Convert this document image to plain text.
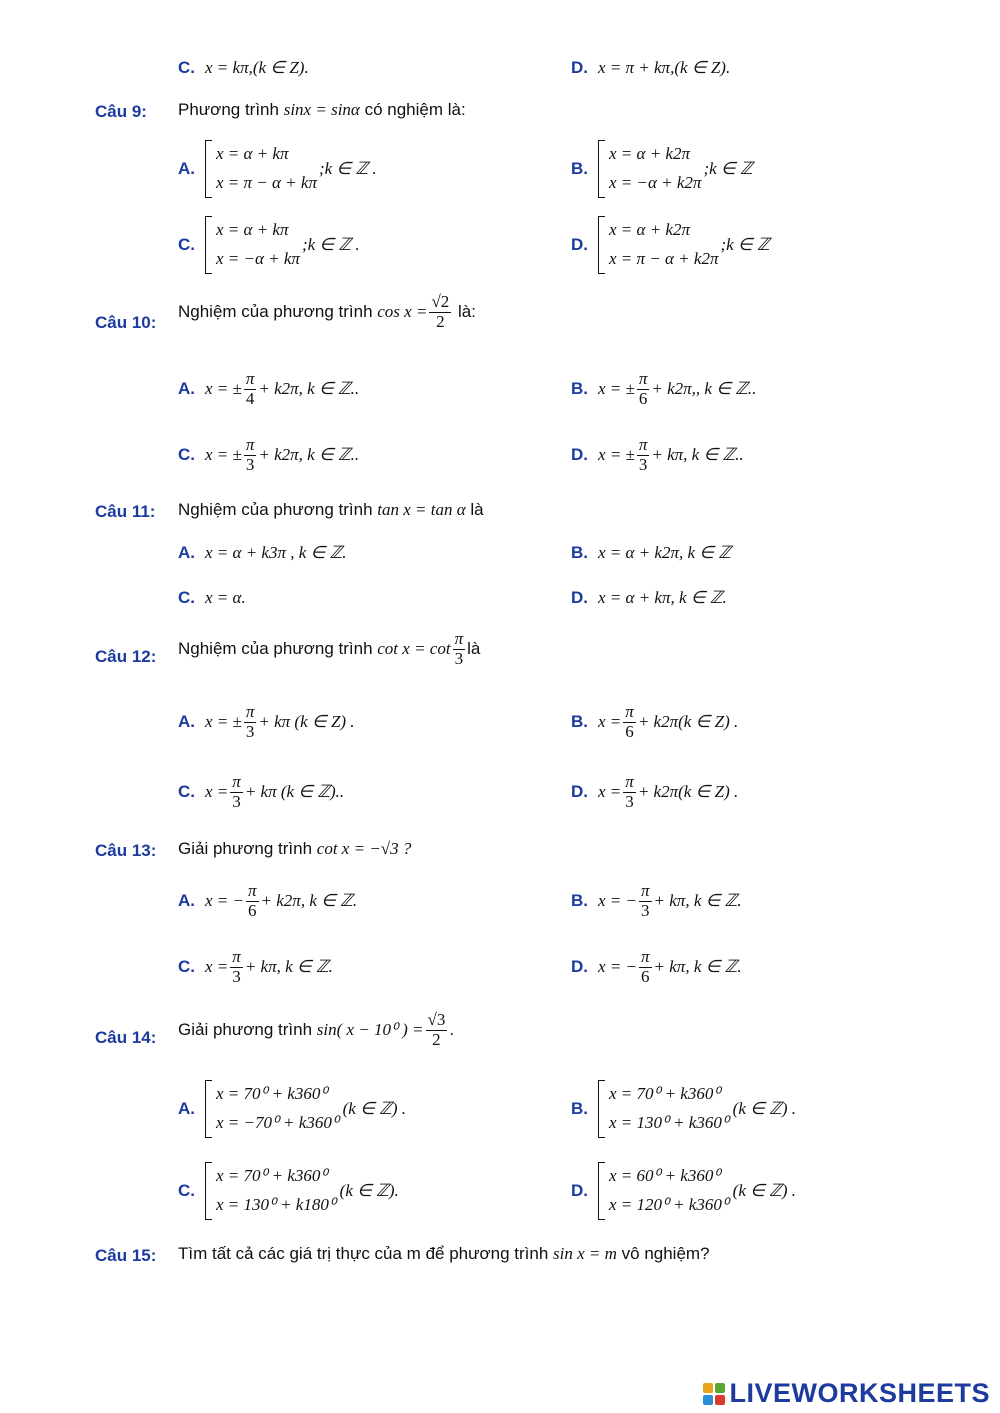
C. x = kπ,(k ∈ Z).	D. x = π + kπ,(k ∈ Z).
Câu 9: Phương trình
sinx = sinα
có nghiệm là:
A.
x = α + kπ
x = π − α + kπ
;k ∈ ℤ .	B.
x = α + k2π
x = −α + k2π
;k ∈ ℤ
C.
x = α + kπ
x = −α + kπ
;k ∈ ℤ .	D.
x = α + k2π
x = π − α + k2π
;k ∈ ℤ
Câu 10:
Nghiệm của phương trình
$\cos x = \frac{√2}{2}$
là:
A. x = ± $\frac{\pi}{4} + k2\pi$, k ∈ ℤ..	B. x = ± $\frac{\pi}{6} + k2\pi$,, k ∈ ℤ..
C. x = ± $\frac{\pi}{3} + k2\pi$, k ∈ ℤ..	D. x = ± $\frac{\pi}{3} + k\pi$, k ∈ ℤ..
Câu 11: Nghiệm của phương trình
tan x = tan α
là
A. x = α + k3π , k ∈ ℤ.	B. x = α + k2π, k ∈ ℤ
C. x = α.	D. x = α + kπ, k ∈ ℤ.
Câu 12: Nghiệm của phương trình
$\cot x = \cot \frac{\pi}{3}$ là
A. x = ± $\frac{\pi}{3} + k\pi$ (k ∈ Z) .	B. $x = \frac{\pi}{6} + k2\pi(k$ ∈ Z) .
C. $x = \frac{\pi}{3} + k\pi$ (k ∈ ℤ)..	D. $x = \frac{\pi}{3} + k2\pi(k$ ∈ Z) .
Câu 13: Giải phương trình
cot x = −√3 ?
A. x = − $\frac{\pi}{6} + k2\pi$, k ∈ ℤ.	B. x = − $\frac{\pi}{3} + k\pi$, k ∈ ℤ.
C. $x = \frac{\pi}{3} + k\pi$, k ∈ ℤ.	D. x = − $\frac{\pi}{6} + k\pi$, k ∈ ℤ.
Câu 14: Giải phương trình
sin( x − 10⁰ ) = $\frac{√3}{2}$ .
A.
x = 70⁰ + k360⁰
x = −70⁰ + k360⁰
(k ∈ ℤ) .	B.
x = 70⁰ + k360⁰
x = 130⁰ + k360⁰
(k ∈ ℤ) .
C.
x = 70⁰ + k360⁰
x = 130⁰ + k180⁰
(k ∈ ℤ).	D.
x = 60⁰ + k360⁰
x = 120⁰ + k360⁰
(k ∈ ℤ) .
Câu 15: Tìm tất cả các giá trị thực của m để phương trình
sin x = m
vô nghiệm?
LIVEWORKSHEETS
